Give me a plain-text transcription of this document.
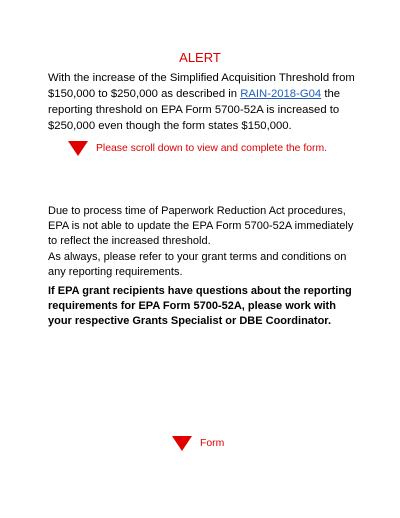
ALERT
With the increase of the Simplified Acquisition Threshold from $150,000 to $250,000 as described in RAIN-2018-G04 the reporting threshold on EPA Form 5700-52A is increased to $250,000 even though the form states $150,000.
Please scroll down to view and complete the form.
Due to process time of Paperwork Reduction Act procedures, EPA is not able to update the EPA Form 5700-52A immediately to reflect the increased threshold.
As always, please refer to your grant terms and conditions on any reporting requirements.
If EPA grant recipients have questions about the reporting requirements for EPA Form 5700-52A, please work with your respective Grants Specialist or DBE Coordinator.
Form
